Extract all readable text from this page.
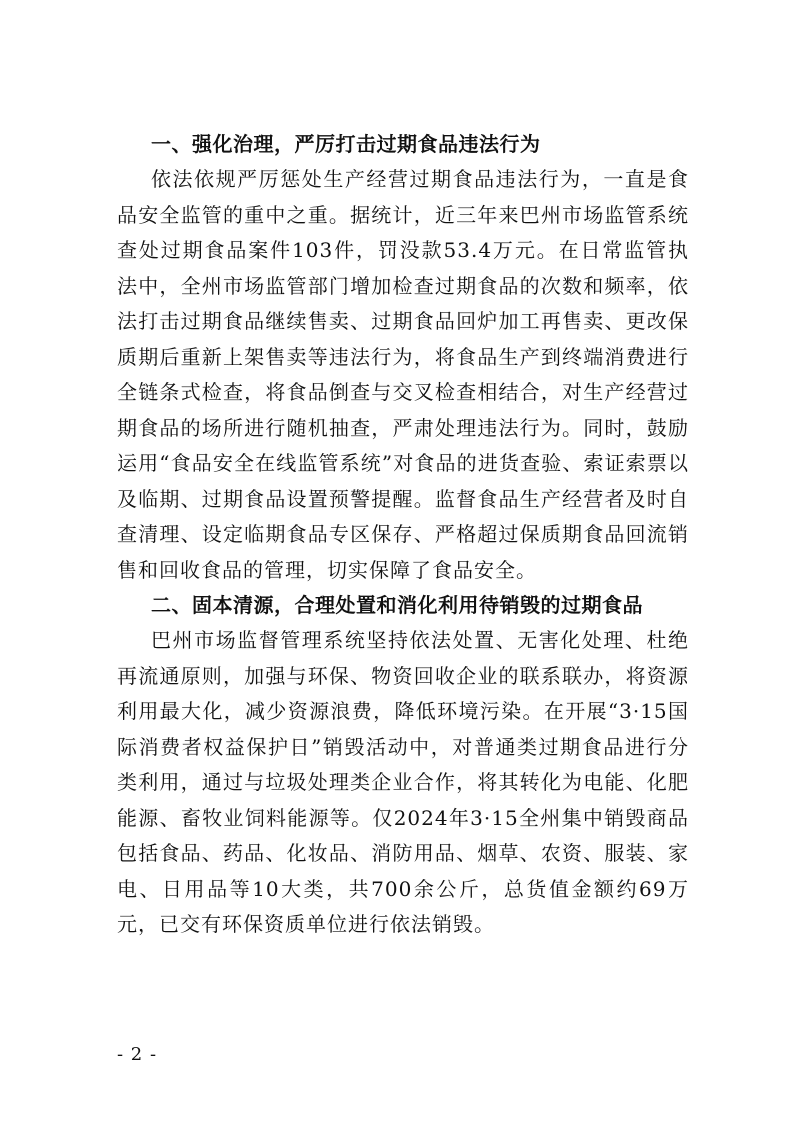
一、强化治理，严厉打击过期食品违法行为

依法依规严厉惩处生产经营过期食品违法行为，一直是食品安全监管的重中之重。据统计，近三年来巴州市场监管系统查处过期食品案件103件，罚没款53.4万元。在日常监管执法中，全州市场监管部门增加检查过期食品的次数和频率，依法打击过期食品继续售卖、过期食品回炉加工再售卖、更改保质期后重新上架售卖等违法行为，将食品生产到终端消费进行全链条式检查，将食品倒查与交叉检查相结合，对生产经营过期食品的场所进行随机抽查，严肃处理违法行为。同时，鼓励运用“食品安全在线监管系统”对食品的进货查验、索证索票以及临期、过期食品设置预警提醒。监督食品生产经营者及时自查清理、设定临期食品专区保存、严格超过保质期食品回流销售和回收食品的管理，切实保障了食品安全。

二、固本清源，合理处置和消化利用待销毁的过期食品

巴州市场监督管理系统坚持依法处置、无害化处理、杜绝再流通原则，加强与环保、物资回收企业的联系联办，将资源利用最大化，减少资源浪费，降低环境污染。在开展“3·15国际消费者权益保护日”销毁活动中，对普通类过期食品进行分类利用，通过与垃圾处理类企业合作，将其转化为电能、化肥能源、畜牧业饲料能源等。仅2024年3·15全州集中销毁商品包括食品、药品、化妆品、消防用品、烟草、农资、服装、家电、日用品等10大类，共700余公斤，总货值金额约69万元，已交有环保资质单位进行依法销毁。

- 2 -
